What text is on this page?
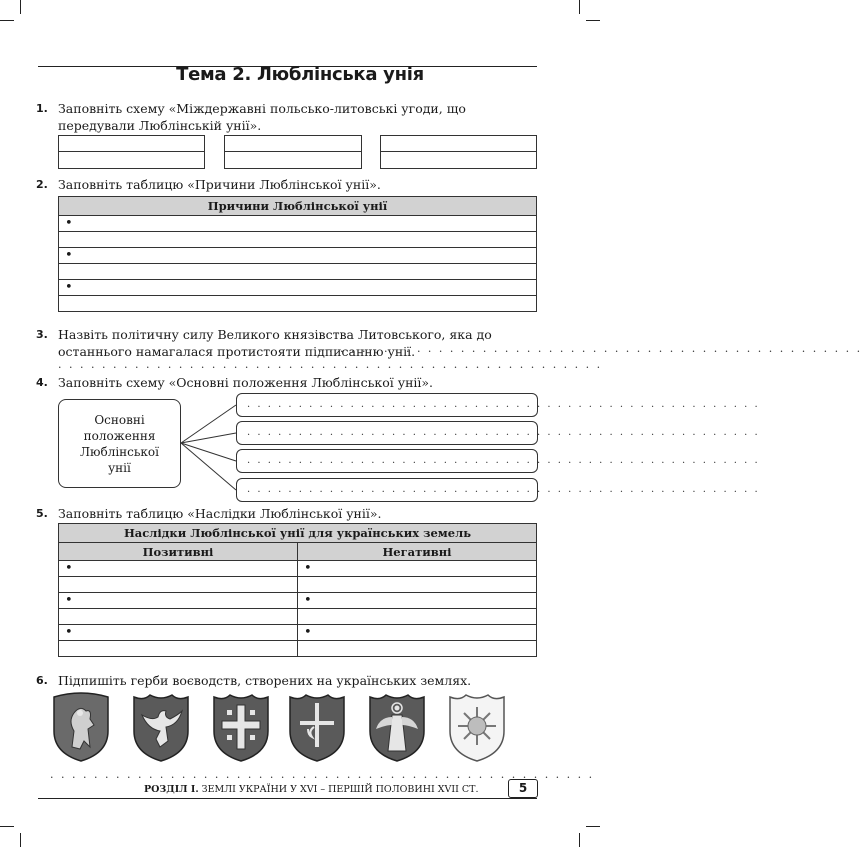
Тема 2. Люблінська унія
1. Заповніть схему «Міждержавні польсько-литовські угоди, що передували Люблінській унії».
2. Заповніть таблицю «Причини Люблінської унії».
Причини Люблінської унії
•

•

•

3. Назвіть політичну силу Великого князівства Литовського, яка до останнього намагалася протистояти підписанню унії.
. . . . . . . . . . . . . . . . . . . . . . . . . . . . . . . . . . . . . . . . . . . . . . . . . .
. . . . . . . . . . . . . . . . . . . . . . . . . . . . . . . . . . . . . . . . . . . . . . . . . .
4. Заповніть схему «Основні положення Люблінської унії».
Основні положення Люблінської унії
. . . . . . . . . . . . . . . . . . . . . . . . . . . . . . . . . . . . . . . . . . . . . . . . . .
. . . . . . . . . . . . . . . . . . . . . . . . . . . . . . . . . . . . . . . . . . . . . . . . . .
. . . . . . . . . . . . . . . . . . . . . . . . . . . . . . . . . . . . . . . . . . . . . . . . . .
. . . . . . . . . . . . . . . . . . . . . . . . . . . . . . . . . . . . . . . . . . . . . . . . . .
5. Заповніть таблицю «Наслідки Люблінської унії».
Наслідки Люблінської унії для українських земель	
Позитивні	Негативні
•	•

•	•

•	•

6. Підпишіть герби воєводств, створених на українських землях.
. . . . . . . . . . . . . . . . . . . . . . . . . . . . . . . . . . . . . . . . . . . . . . . . . .
РОЗДІЛ І. ЗЕМЛІ УКРАЇНИ У XVI – ПЕРШІЙ ПОЛОВИНІ XVII СТ.	5
